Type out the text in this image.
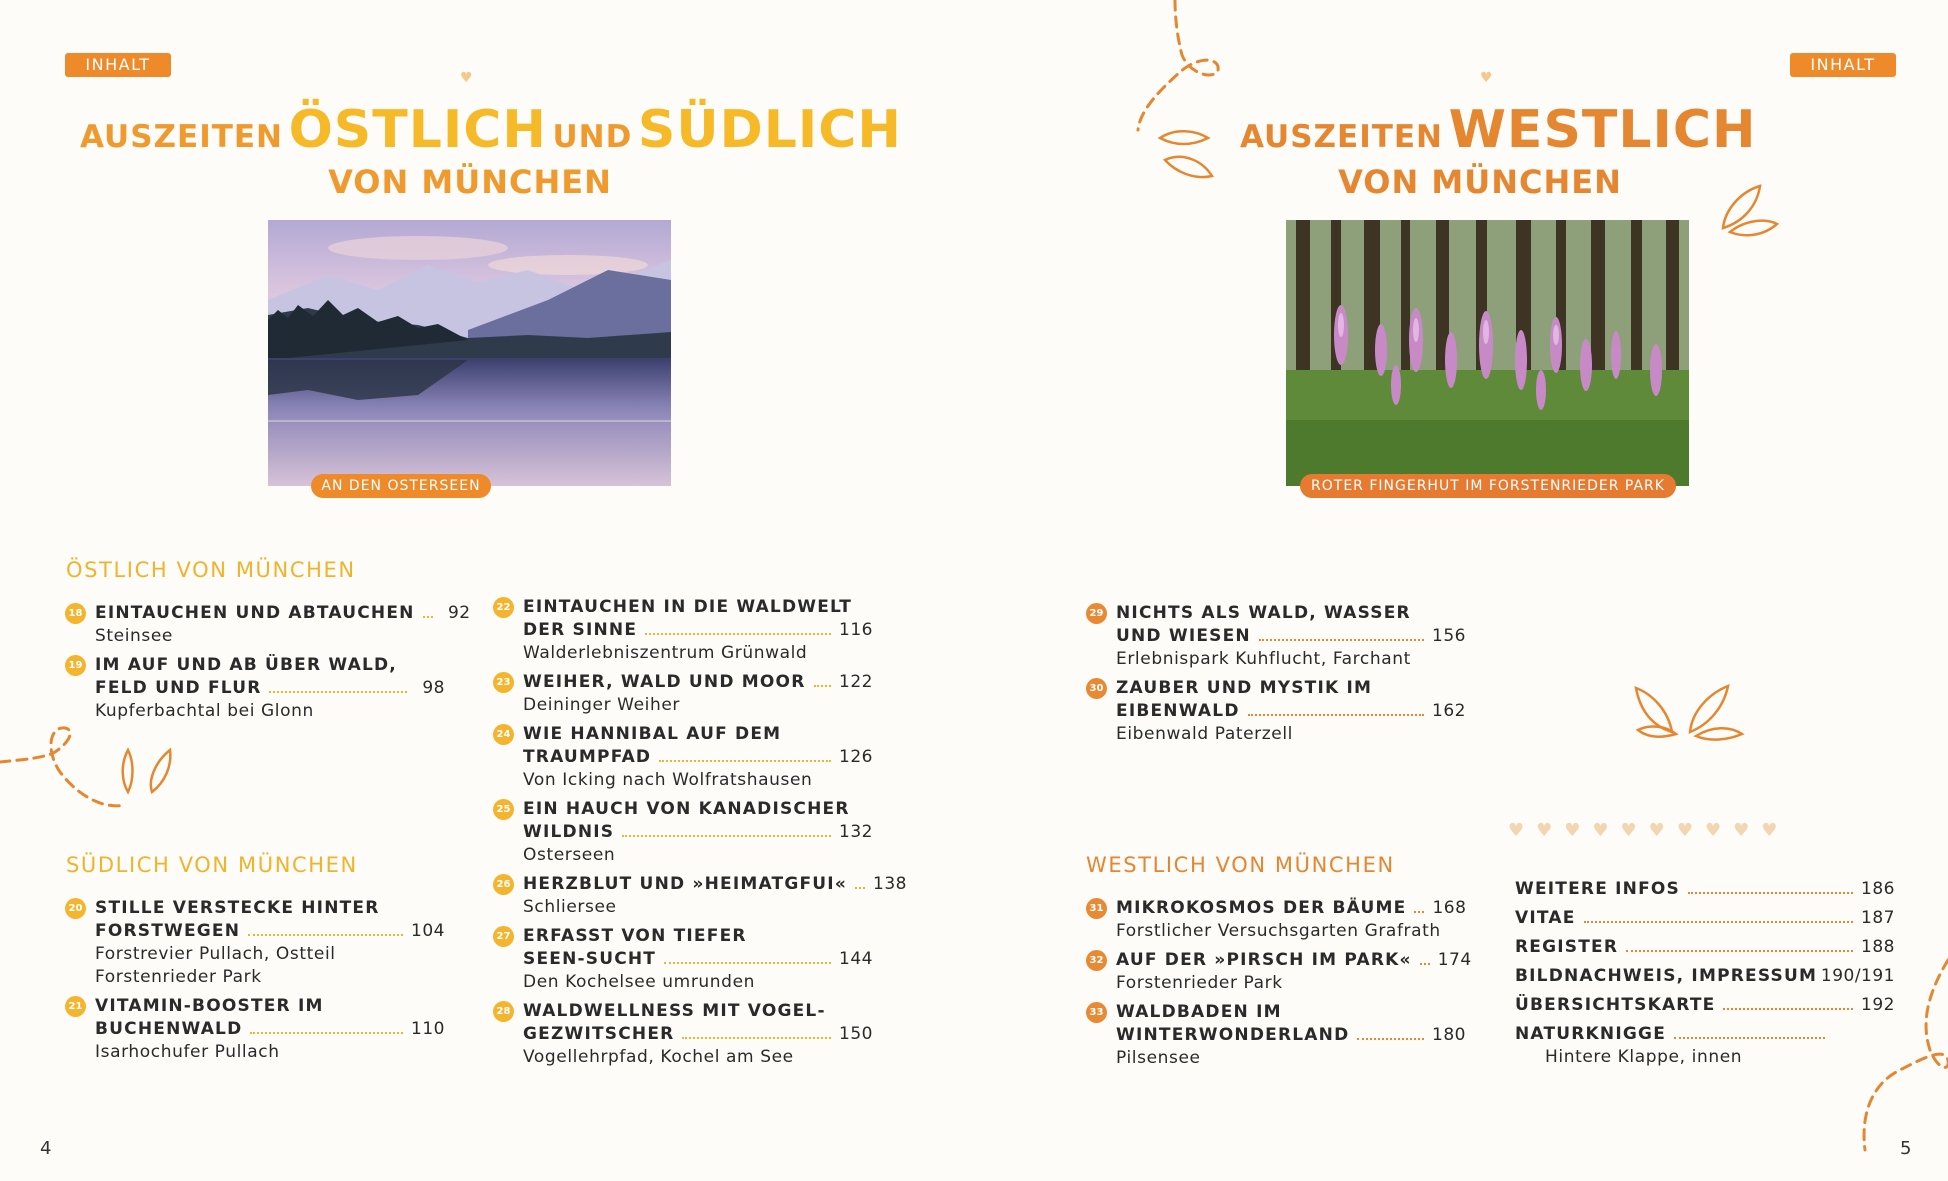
INHALT
♥
AUSZEITEN ÖSTLICH UND SÜDLICH
VON MÜNCHEN
AN DEN OSTERSEEN
ÖSTLICH VON MÜNCHEN
SÜDLICH VON MÜNCHEN
18 EINTAUCHEN UND ABTAUCHEN	92
Steinsee
19 IM AUF UND AB ÜBER WALD,
FELD UND FLUR	98
Kupferbachtal bei Glonn
20 STILLE VERSTECKE HINTER
FORSTWEGEN	104
Forstrevier Pullach, Ostteil
Forstenrieder Park
21 VITAMIN-BOOSTER IM
BUCHENWALD	110
Isarhochufer Pullach
22 EINTAUCHEN IN DIE WALDWELT
DER SINNE	116
Walderlebniszentrum Grünwald
23 WEIHER, WALD UND MOOR 122
Deininger Weiher
24 WIE HANNIBAL AUF DEM
TRAUMPFAD	126
Von Icking nach Wolfratshausen
25 EIN HAUCH VON KANADISCHER
WILDNIS	132
Osterseen
26 HERZBLUT UND »HEIMATGFUI« 138
Schliersee
27 ERFASST VON TIEFER
SEEN-SUCHT	144
Den Kochelsee umrunden
28 WALDWELLNESS MIT VOGEL-
GEZWITSCHER	150
Vogellehrpfad, Kochel am See
4
INHALT
♥
AUSZEITEN WESTLICH
VON MÜNCHEN
ROTER FINGERHUT IM FORSTENRIEDER PARK
29 NICHTS ALS WALD, WASSER
UND WIESEN	156
Erlebnispark Kuhflucht, Farchant
30 ZAUBER UND MYSTIK IM
EIBENWALD	162
Eibenwald Paterzell
♥♥♥♥♥♥♥♥♥♥
WESTLICH VON MÜNCHEN
31 MIKROKOSMOS DER BÄUME 168
Forstlicher Versuchsgarten Grafrath
32 AUF DER »PIRSCH IM PARK« 174
Forstenrieder Park
33 WALDBADEN IM
WINTERWONDERLAND	180
Pilsensee
WEITERE INFOS	186
VITAE	187
REGISTER	188
BILDNACHWEIS, IMPRESSUM 190/191
ÜBERSICHTSKARTE	192
NATURKNIGGE
Hintere Klappe, innen
5
